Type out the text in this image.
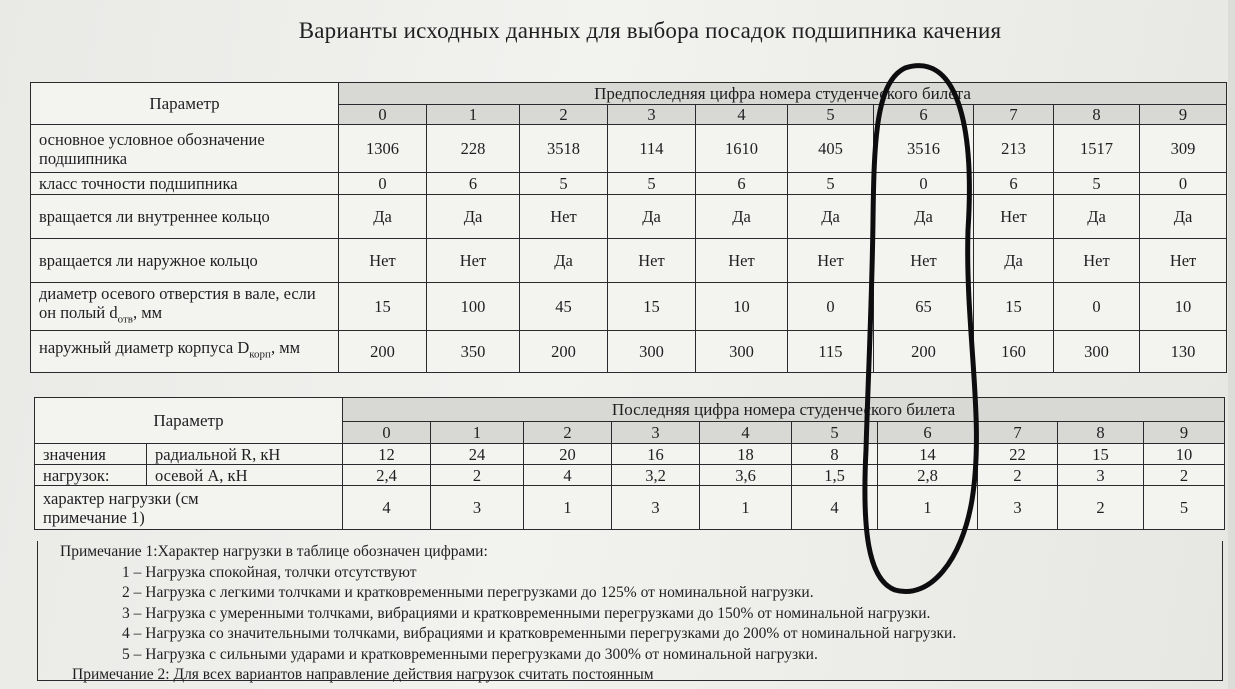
Варианты исходных данных для выбора посадок подшипника качения
Параметр	Предпоследняя цифра номера студенческого билета									
	0	1	2	3	4	5	6	7	8	9
основное условное обозначение подшипника	1306	228	3518	114	1610	405	3516	213	1517	309
класс точности подшипника	0	6	5	5	6	5	0	6	5	0
вращается ли внутреннее кольцо	Да	Да	Нет	Да	Да	Да	Да	Нет	Да	Да
вращается ли наружное кольцо	Нет	Нет	Да	Нет	Нет	Нет	Нет	Да	Нет	Нет
диаметр осевого отверстия в вале, если он полый $d_{отв}$, мм	15	100	45	15	10	0	65	15	0	10
наружный диаметр корпуса $D_{корп}$, мм	200	350	200	300	300	115	200	160	300	130
Параметр		Последняя цифра номера студенческого билета									
		0	1	2	3	4	5	6	7	8	9
значения	радиальной R, кН	12	24	20	16	18	8	14	22	15	10
нагрузок:	осевой А, кН	2,4	2	4	3,2	3,6	1,5	2,8	2	3	2
характер нагрузки (см примечание 1)		4	3	1	3	1	4	1	3	2	5
Примечание 1:Характер нагрузки в таблице обозначен цифрами:
1 – Нагрузка спокойная, толчки отсутствуют
2 – Нагрузка с легкими толчками и кратковременными перегрузками до 125% от номинальной нагрузки.
3 – Нагрузка с умеренными толчками, вибрациями и кратковременными перегрузками до 150% от номинальной нагрузки.
4 – Нагрузка со значительными толчками, вибрациями и кратковременными перегрузками до 200% от номинальной нагрузки.
5 – Нагрузка с сильными ударами и кратковременными перегрузками до 300% от номинальной нагрузки.
Примечание 2: Для всех вариантов направление действия нагрузок считать постоянным
